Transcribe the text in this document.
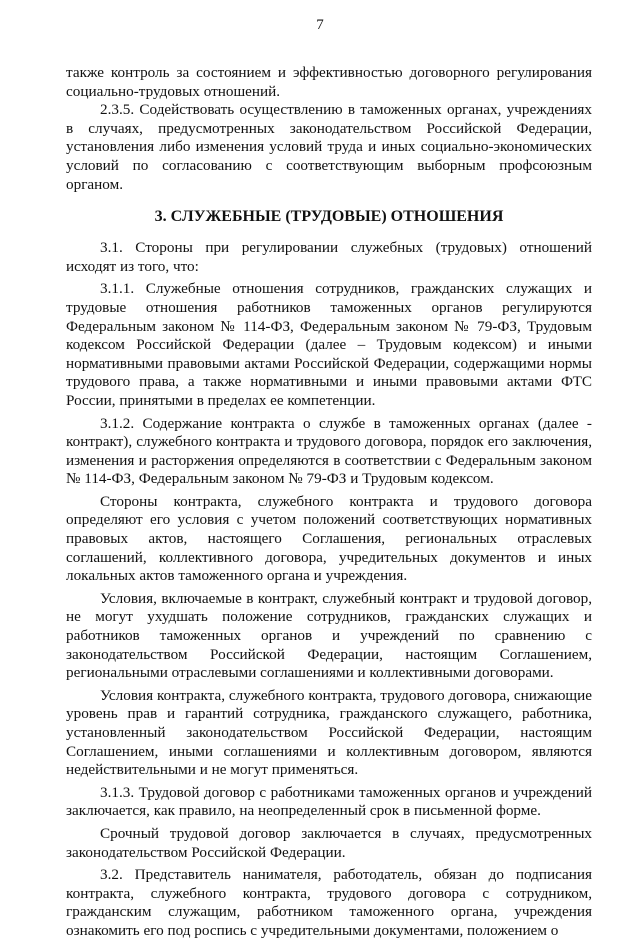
7

также контроль за состоянием и эффективностью договорного регулирования социально-трудовых отношений.

2.3.5. Содействовать осуществлению в таможенных органах, учреждениях в случаях, предусмотренных законодательством Российской Федерации, установления либо изменения условий труда и иных социально-экономических условий по согласованию с соответствующим выборным профсоюзным органом.

3. СЛУЖЕБНЫЕ (ТРУДОВЫЕ) ОТНОШЕНИЯ

3.1. Стороны при регулировании служебных (трудовых) отношений исходят из того, что:

3.1.1. Служебные отношения сотрудников, гражданских служащих и трудовые отношения работников таможенных органов регулируются Федеральным законом № 114-ФЗ, Федеральным законом № 79-ФЗ, Трудовым кодексом Российской Федерации (далее – Трудовым кодексом) и иными нормативными правовыми актами Российской Федерации, содержащими нормы трудового права, а также нормативными и иными правовыми актами ФТС России, принятыми в пределах ее компетенции.

3.1.2. Содержание контракта о службе в таможенных органах (далее - контракт), служебного контракта и трудового договора, порядок его заключения, изменения и расторжения определяются в соответствии с Федеральным законом № 114-ФЗ, Федеральным законом № 79-ФЗ и Трудовым кодексом.

Стороны контракта, служебного контракта и трудового договора определяют его условия с учетом положений соответствующих нормативных правовых актов, настоящего Соглашения, региональных отраслевых соглашений, коллективного договора, учредительных документов и иных локальных актов таможенного органа и учреждения.

Условия, включаемые в контракт, служебный контракт и трудовой договор, не могут ухудшать положение сотрудников, гражданских служащих и работников таможенных органов и учреждений по сравнению с законодательством Российской Федерации, настоящим Соглашением, региональными отраслевыми соглашениями и коллективными договорами.

Условия контракта, служебного контракта, трудового договора, снижающие уровень прав и гарантий сотрудника, гражданского служащего, работника, установленный законодательством Российской Федерации, настоящим Соглашением, иными соглашениями и коллективным договором, являются недействительными и не могут применяться.

3.1.3. Трудовой договор с работниками таможенных органов и учреждений заключается, как правило, на неопределенный срок в письменной форме.

Срочный трудовой договор заключается в случаях, предусмотренных законодательством Российской Федерации.

3.2. Представитель нанимателя, работодатель, обязан до подписания контракта, служебного контракта, трудового договора с сотрудником, гражданским служащим, работником таможенного органа, учреждения ознакомить его под роспись с учредительными документами, положением о
